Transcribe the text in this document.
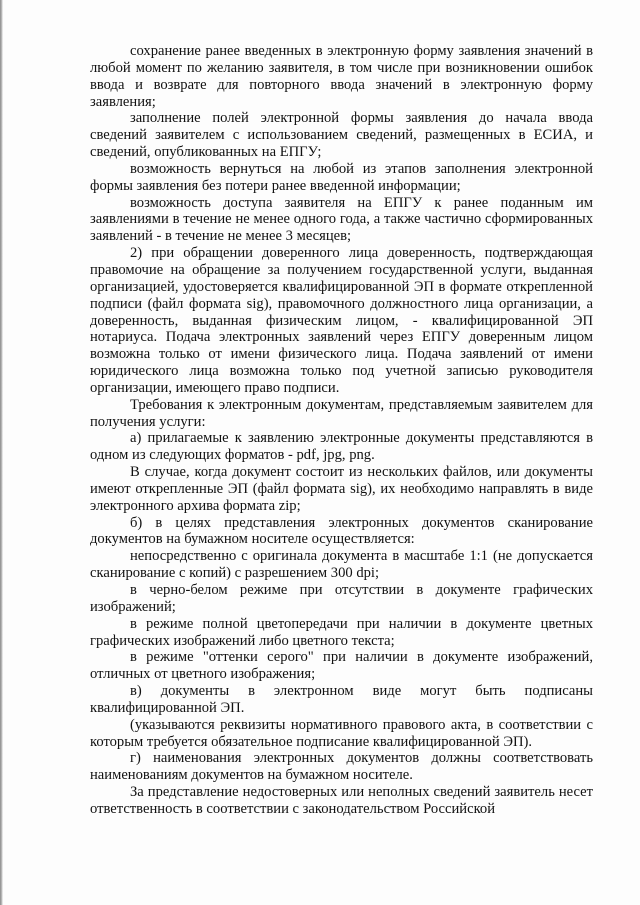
сохранение ранее введенных в электронную форму заявления значений в любой момент по желанию заявителя, в том числе при возникновении ошибок ввода и возврате для повторного ввода значений в электронную форму заявления;

заполнение полей электронной формы заявления до начала ввода сведений заявителем с использованием сведений, размещенных в ЕСИА, и сведений, опубликованных на ЕПГУ;

возможность вернуться на любой из этапов заполнения электронной формы заявления без потери ранее введенной информации;

возможность доступа заявителя на ЕПГУ к ранее поданным им заявлениями в течение не менее одного года, а также частично сформированных заявлений - в течение не менее 3 месяцев;

2) при обращении доверенного лица доверенность, подтверждающая правомочие на обращение за получением государственной услуги, выданная организацией, удостоверяется квалифицированной ЭП в формате открепленной подписи (файл формата sig), правомочного должностного лица организации, а доверенность, выданная физическим лицом, - квалифицированной ЭП нотариуса. Подача электронных заявлений через ЕПГУ доверенным лицом возможна только от имени физического лица. Подача заявлений от имени юридического лица возможна только под учетной записью руководителя организации, имеющего право подписи.

Требования к электронным документам, представляемым заявителем для получения услуги:

а) прилагаемые к заявлению электронные документы представляются в одном из следующих форматов - pdf, jpg, png.

В случае, когда документ состоит из нескольких файлов, или документы имеют открепленные ЭП (файл формата sig), их необходимо направлять в виде электронного архива формата zip;

б) в целях представления электронных документов сканирование документов на бумажном носителе осуществляется:

непосредственно с оригинала документа в масштабе 1:1 (не допускается сканирование с копий) с разрешением 300 dpi;

в черно-белом режиме при отсутствии в документе графических изображений;

в режиме полной цветопередачи при наличии в документе цветных графических изображений либо цветного текста;

в режиме "оттенки серого" при наличии в документе изображений, отличных от цветного изображения;

в) документы в электронном виде могут быть подписаны квалифицированной ЭП.

(указываются реквизиты нормативного правового акта, в соответствии с которым требуется обязательное подписание квалифицированной ЭП).

г) наименования электронных документов должны соответствовать наименованиям документов на бумажном носителе.

За представление недостоверных или неполных сведений заявитель несет ответственность в соответствии с законодательством Российской
